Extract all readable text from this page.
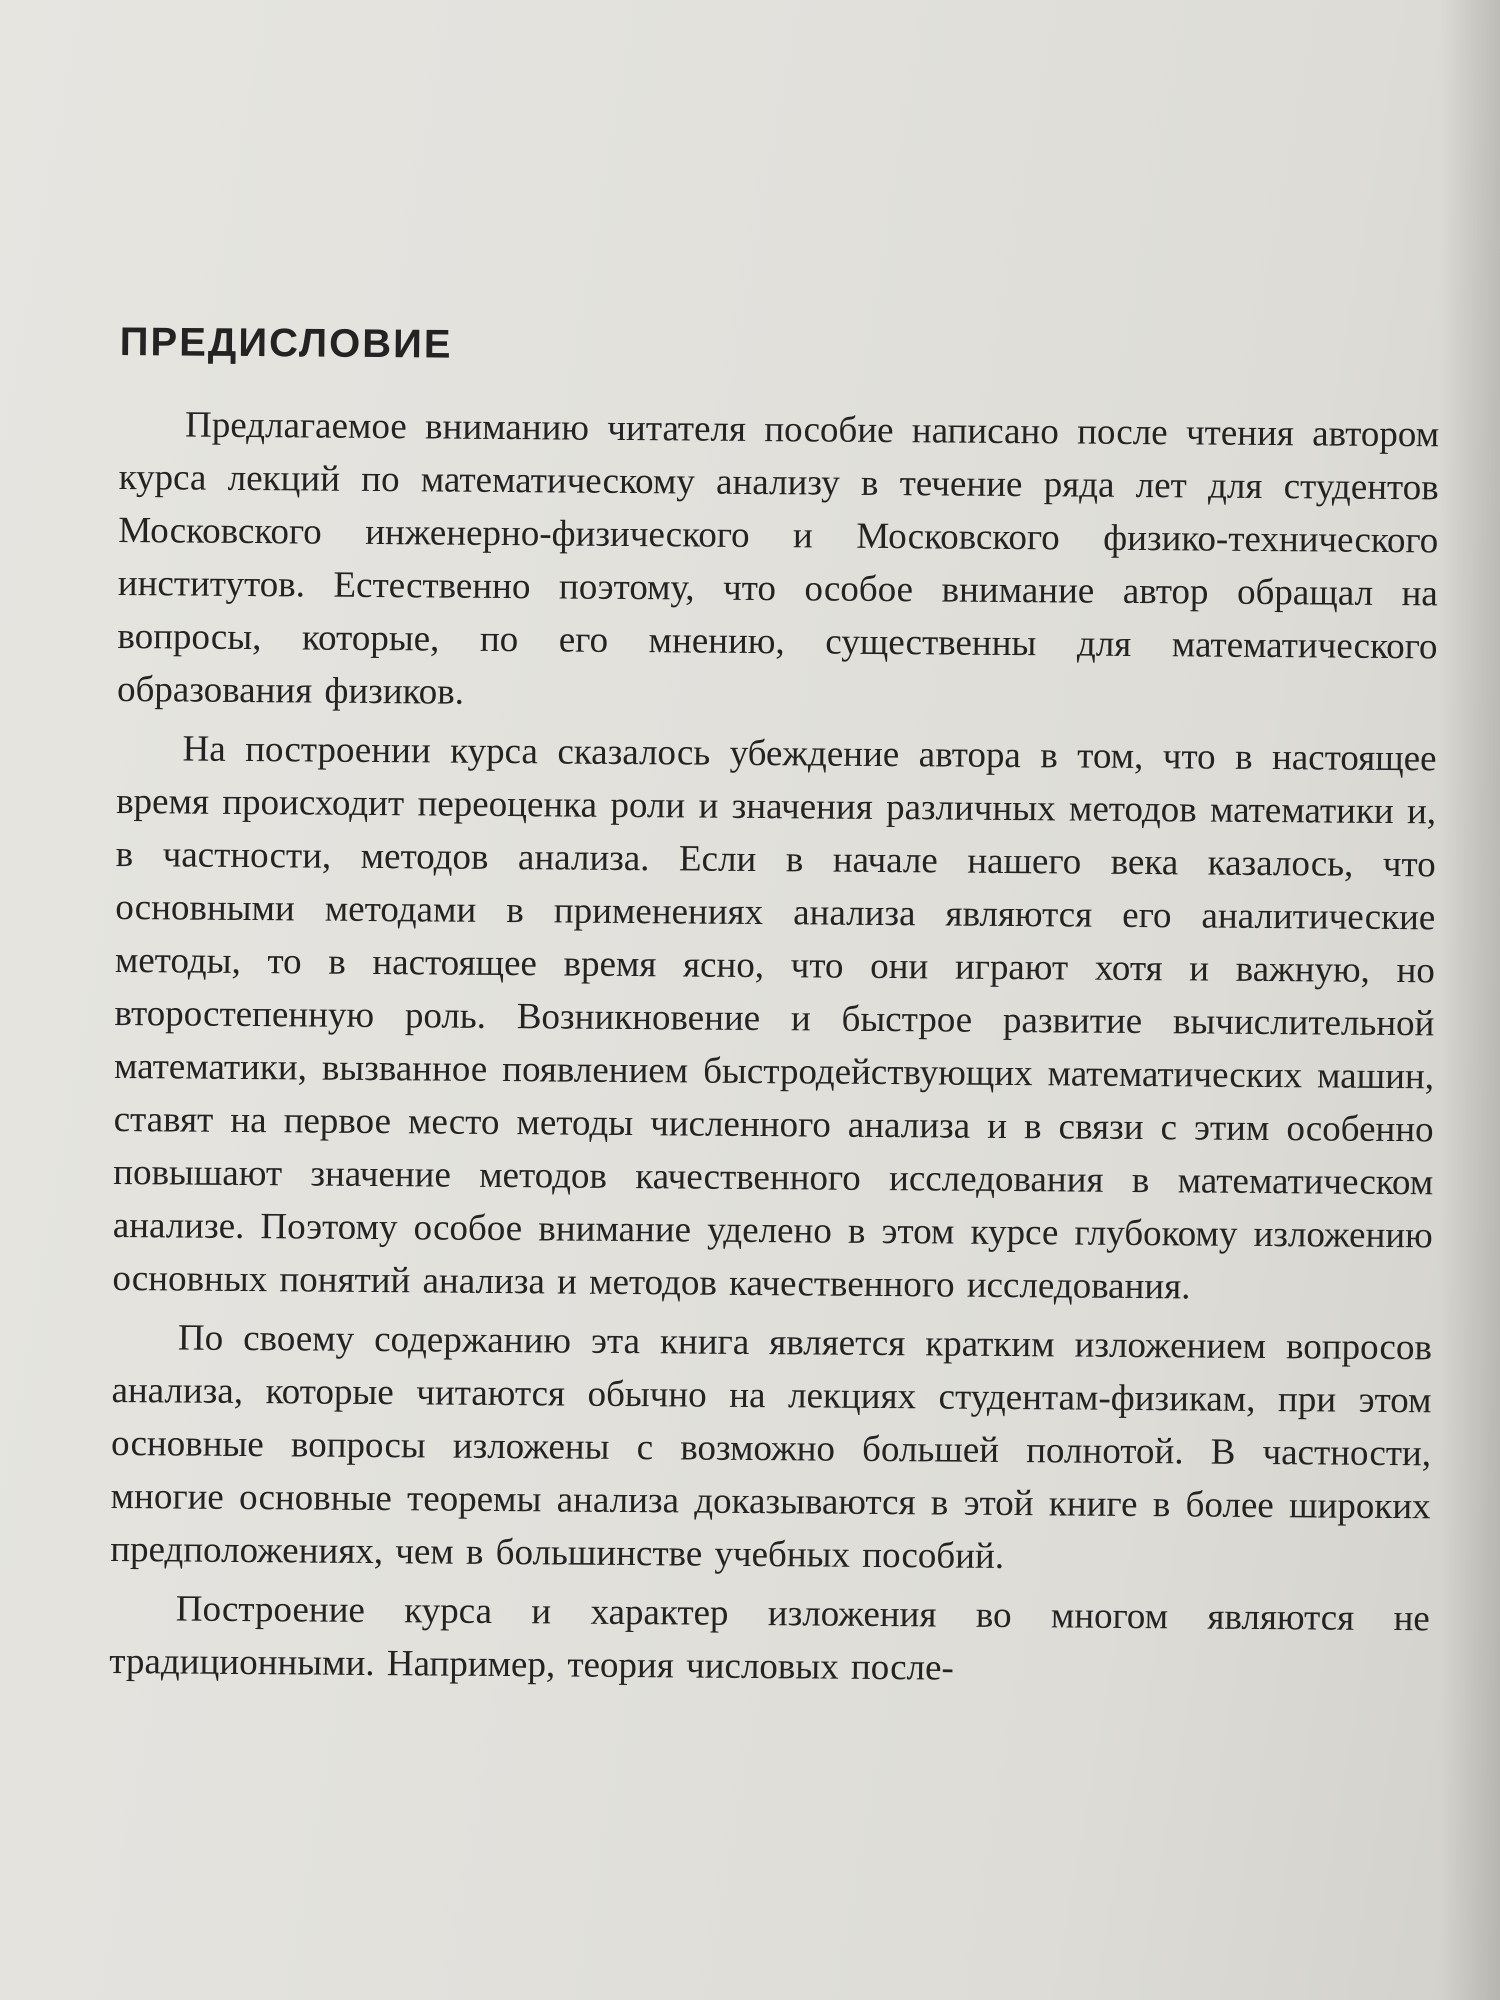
ПРЕДИСЛОВИЕ

Предлагаемое вниманию читателя пособие написано после чтения автором курса лекций по математическому анализу в течение ряда лет для студентов Московского инженерно-физического и Московского физико-технического институтов. Естественно поэтому, что особое внимание автор обращал на вопросы, которые, по его мнению, существенны для математического образования физиков.

На построении курса сказалось убеждение автора в том, что в настоящее время происходит переоценка роли и значения различных методов математики и, в частности, методов анализа. Если в начале нашего века казалось, что основными методами в применениях анализа являются его аналитические методы, то в настоящее время ясно, что они играют хотя и важную, но второстепенную роль. Возникновение и быстрое развитие вычислительной математики, вызванное появлением быстродействующих математических машин, ставят на первое место методы численного анализа и в связи с этим особенно повышают значение методов качественного исследования в математическом анализе. Поэтому особое внимание уделено в этом курсе глубокому изложению основных понятий анализа и методов качественного исследования.

По своему содержанию эта книга является кратким изложением вопросов анализа, которые читаются обычно на лекциях студентам-физикам, при этом основные вопросы изложены с возможно большей полнотой. В частности, многие основные теоремы анализа доказываются в этой книге в более широких предположениях, чем в большинстве учебных пособий.

Построение курса и характер изложения во многом являются не традиционными. Например, теория числовых после-
